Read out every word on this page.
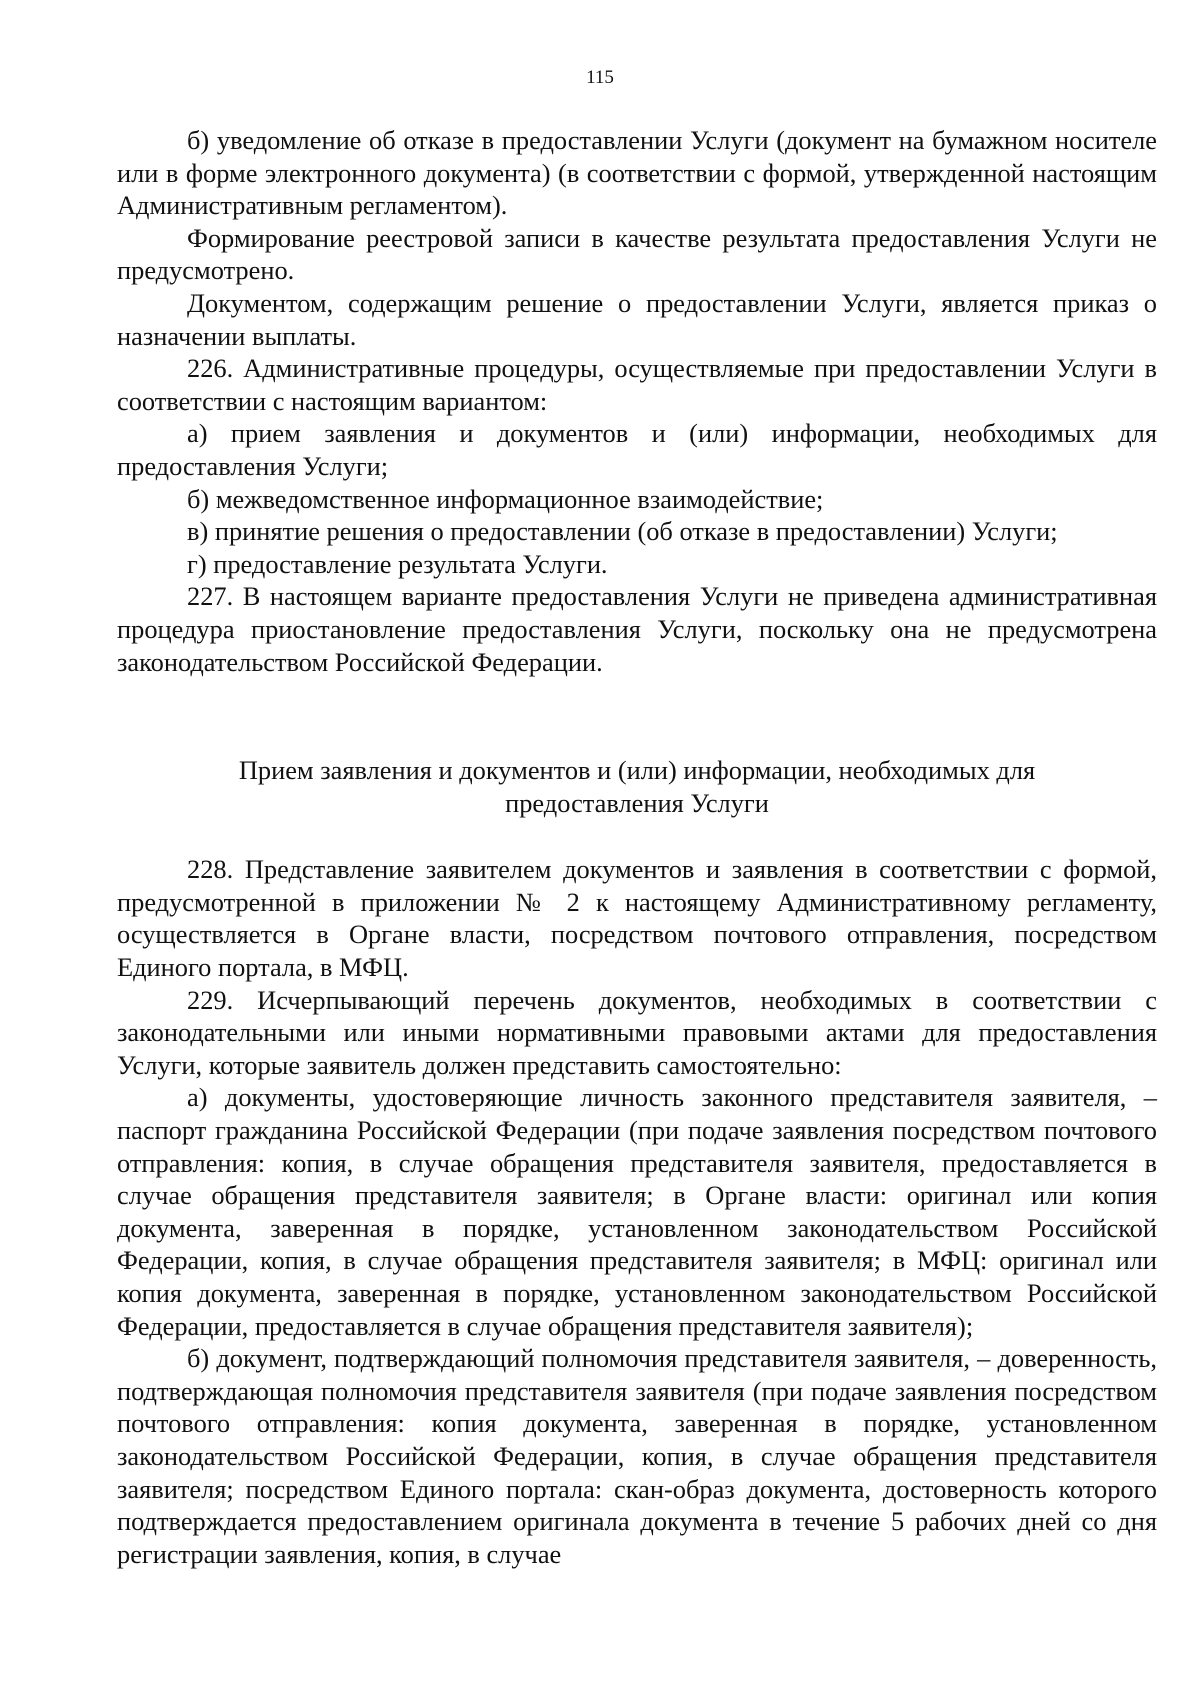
115

б) уведомление об отказе в предоставлении Услуги (документ на бумажном носителе или в форме электронного документа) (в соответствии с формой, утвержденной настоящим Административным регламентом).

Формирование реестровой записи в качестве результата предоставления Услуги не предусмотрено.

Документом, содержащим решение о предоставлении Услуги, является приказ о назначении выплаты.

226. Административные процедуры, осуществляемые при предоставлении Услуги в соответствии с настоящим вариантом:

а) прием заявления и документов и (или) информации, необходимых для предоставления Услуги;

б) межведомственное информационное взаимодействие;

в) принятие решения о предоставлении (об отказе в предоставлении) Услуги;

г) предоставление результата Услуги.

227. В настоящем варианте предоставления Услуги не приведена административная процедура приостановление предоставления Услуги, поскольку она не предусмотрена законодательством Российской Федерации.

Прием заявления и документов и (или) информации, необходимых для предоставления Услуги

228. Представление заявителем документов и заявления в соответствии с формой, предусмотренной в приложении № 2 к настоящему Административному регламенту, осуществляется в Органе власти, посредством почтового отправления, посредством Единого портала, в МФЦ.

229. Исчерпывающий перечень документов, необходимых в соответствии с законодательными или иными нормативными правовыми актами для предоставления Услуги, которые заявитель должен представить самостоятельно:

а) документы, удостоверяющие личность законного представителя заявителя, – паспорт гражданина Российской Федерации (при подаче заявления посредством почтового отправления: копия, в случае обращения представителя заявителя, предоставляется в случае обращения представителя заявителя; в Органе власти: оригинал или копия документа, заверенная в порядке, установленном законодательством Российской Федерации, копия, в случае обращения представителя заявителя; в МФЦ: оригинал или копия документа, заверенная в порядке, установленном законодательством Российской Федерации, предоставляется в случае обращения представителя заявителя);

б) документ, подтверждающий полномочия представителя заявителя, – доверенность, подтверждающая полномочия представителя заявителя (при подаче заявления посредством почтового отправления: копия документа, заверенная в порядке, установленном законодательством Российской Федерации, копия, в случае обращения представителя заявителя; посредством Единого портала: скан-образ документа, достоверность которого подтверждается предоставлением оригинала документа в течение 5 рабочих дней со дня регистрации заявления, копия, в случае
